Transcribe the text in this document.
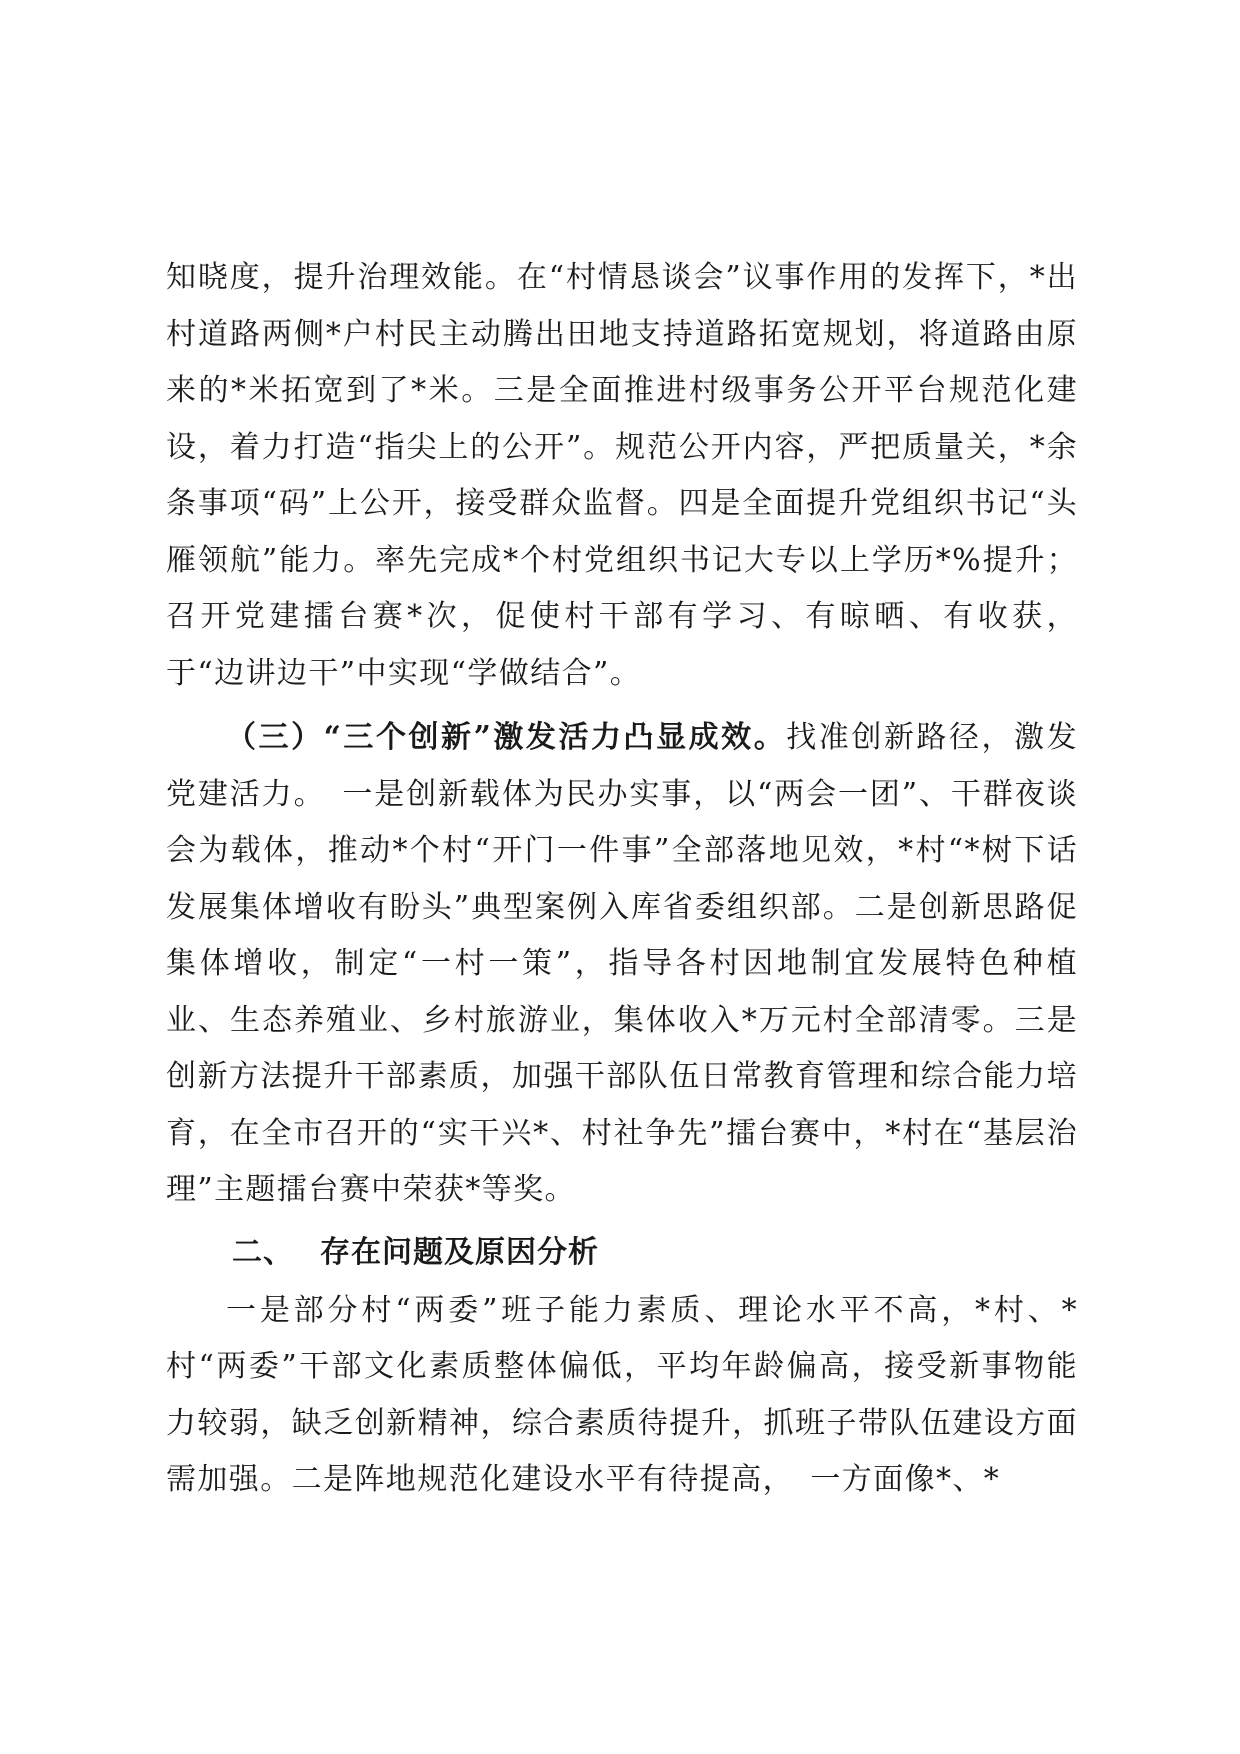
知晓度，提升治理效能。在“村情恳谈会”议事作用的发挥下，*出村道路两侧*户村民主动腾出田地支持道路拓宽规划，将道路由原来的*米拓宽到了*米。三是全面推进村级事务公开平台规范化建设，着力打造“指尖上的公开”。规范公开内容，严把质量关，*余条事项“码”上公开，接受群众监督。四是全面提升党组织书记“头雁领航”能力。率先完成*个村党组织书记大专以上学历*%提升；召开党建擂台赛*次，促使村干部有学习、有晾晒、有收获，于“边讲边干”中实现“学做结合”。

（三）“三个创新”激发活力凸显成效。找准创新路径，激发党建活力。　一是创新载体为民办实事，以“两会一团”、干群夜谈会为载体，推动*个村“开门一件事”全部落地见效，*村“*树下话发展集体增收有盼头”典型案例入库省委组织部。二是创新思路促集体增收，制定“一村一策”，指导各村因地制宜发展特色种植业、生态养殖业、乡村旅游业，集体收入*万元村全部清零。三是创新方法提升干部素质，加强干部队伍日常教育管理和综合能力培育，在全市召开的“实干兴*、村社争先”擂台赛中，*村在“基层治理”主题擂台赛中荣获*等奖。

二、 存在问题及原因分析

一是部分村“两委”班子能力素质、理论水平不高，*村、*村“两委”干部文化素质整体偏低，平均年龄偏高，接受新事物能力较弱，缺乏创新精神，综合素质待提升，抓班子带队伍建设方面需加强。二是阵地规范化建设水平有待提高，　一方面像*、*
